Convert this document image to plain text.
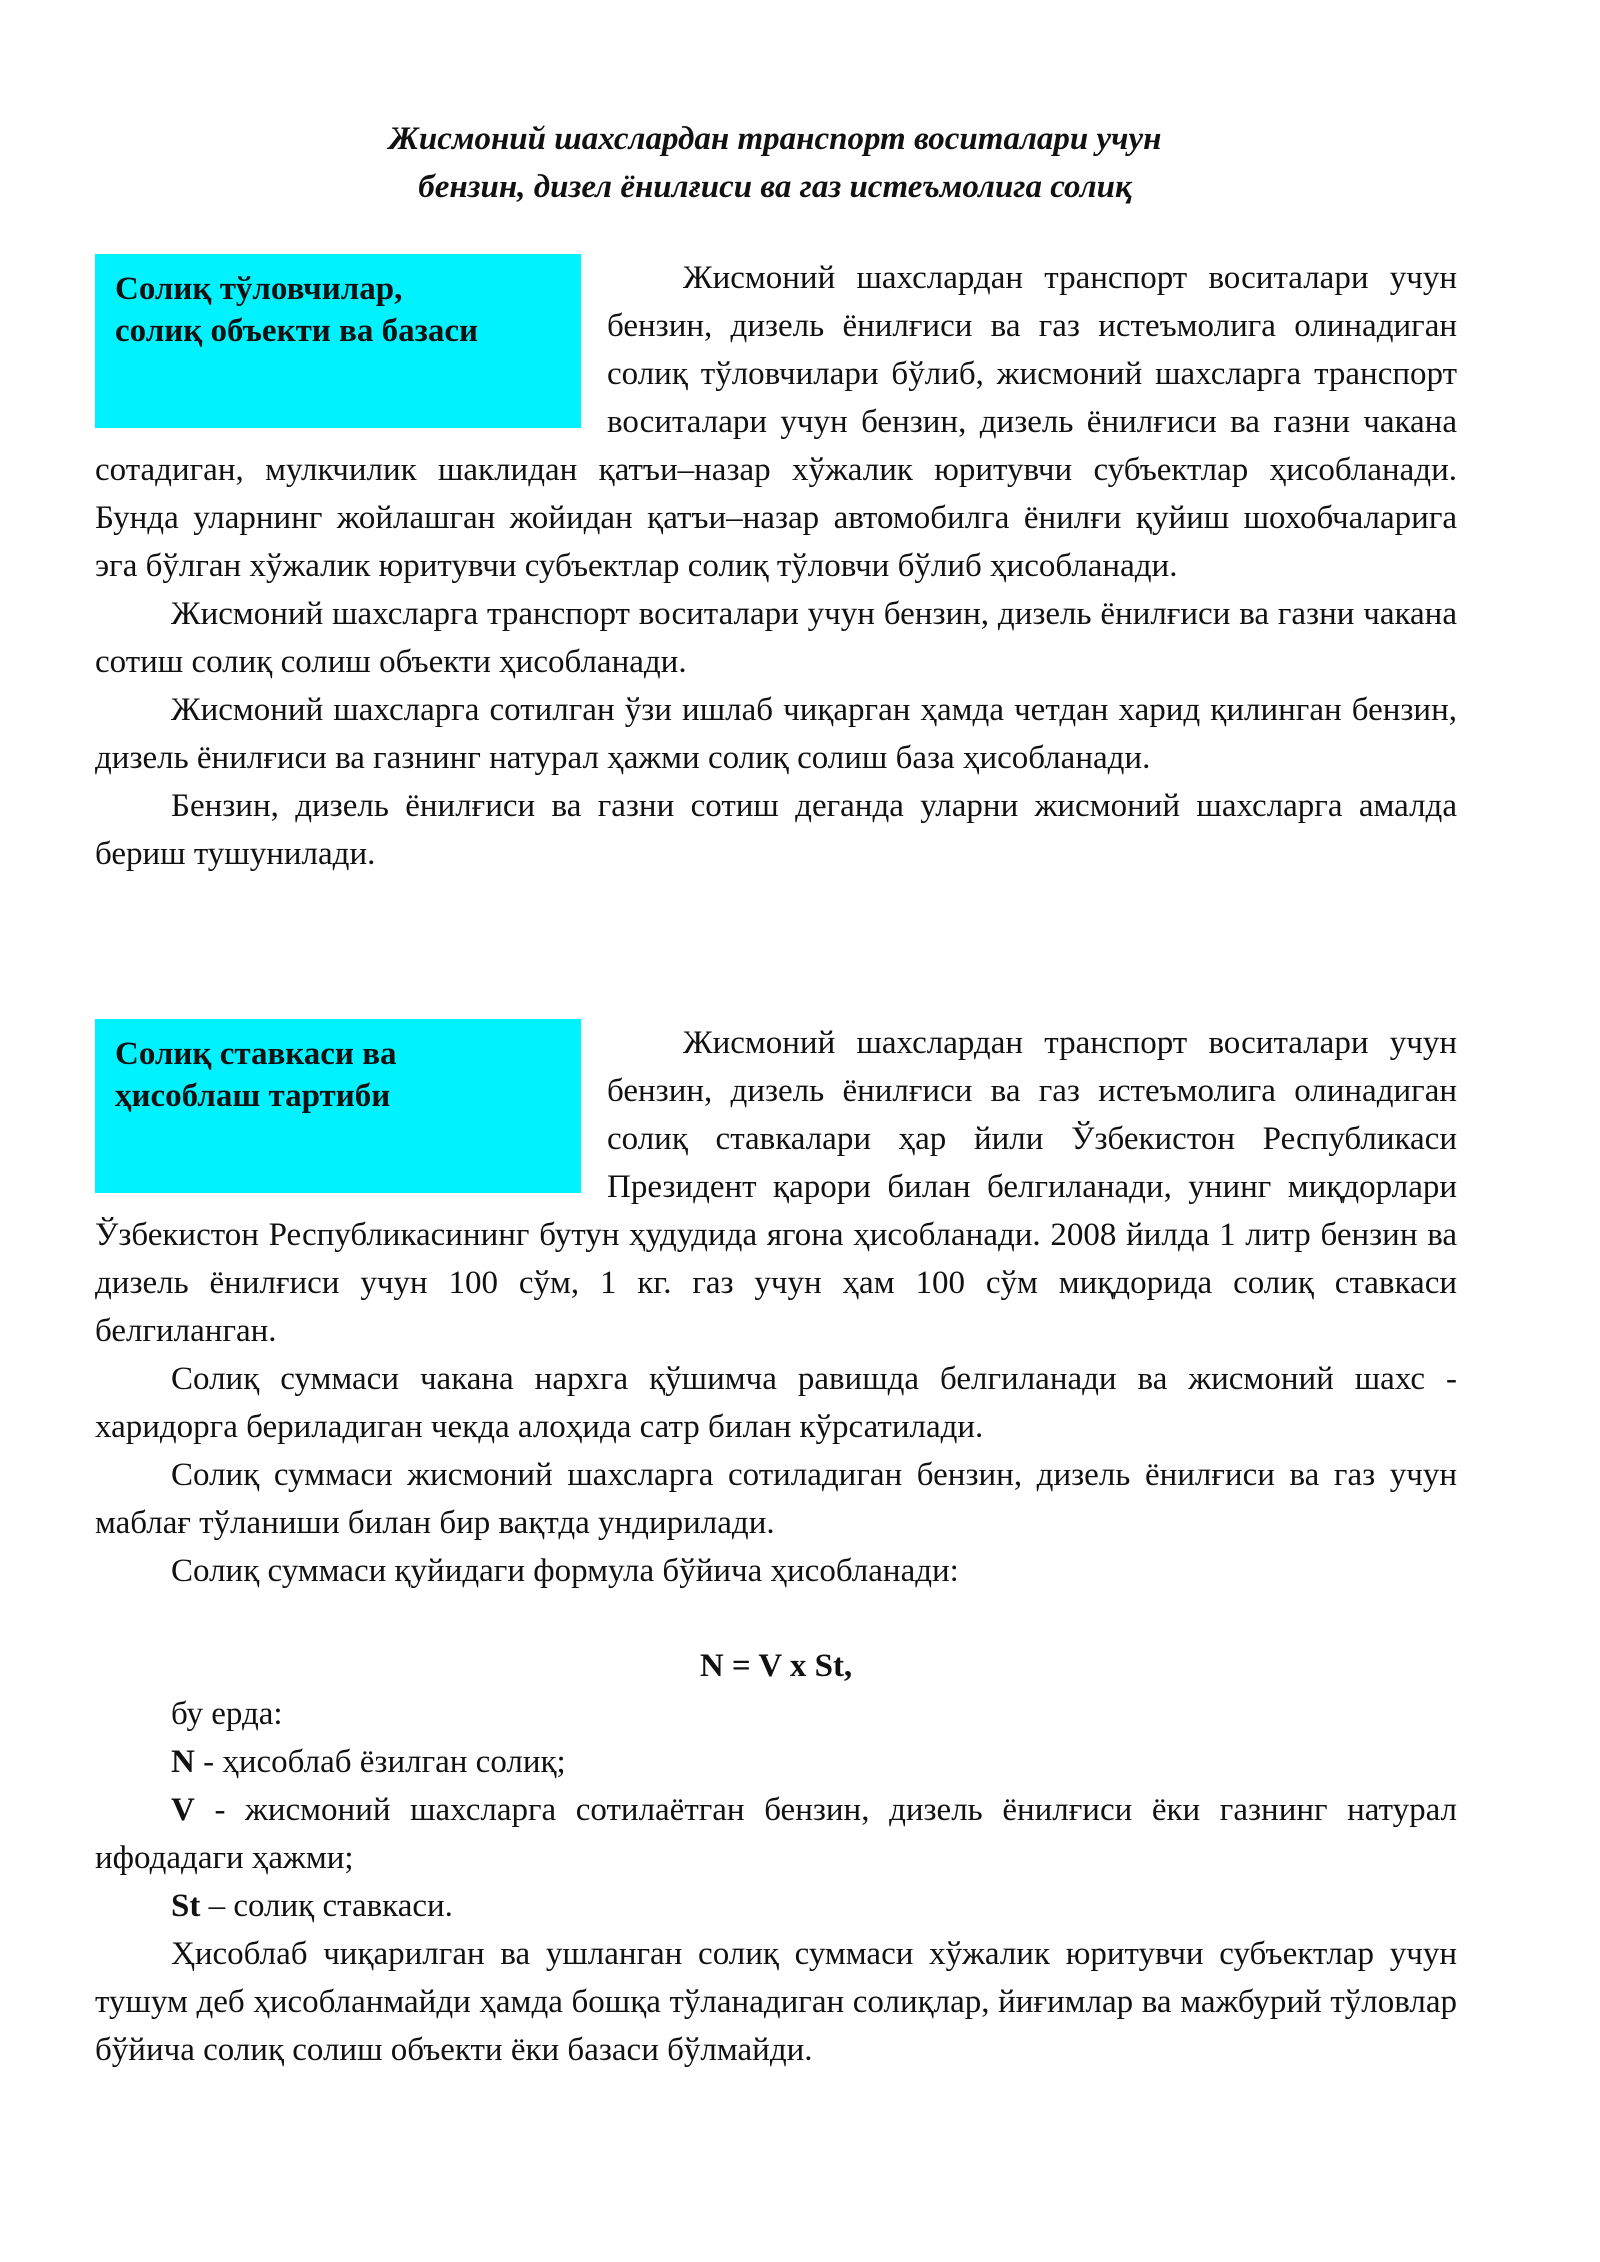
Жисмоний шахслардан транспорт воситалари учун
бензин, дизел ёнилғиси ва газ истеъмолига солиқ
Солиқ тўловчилар,
солиқ объекти ва базаси

Жисмоний шахслардан транспорт воситалари учун бензин, дизель ёнилғиси ва газ истеъмолига олинадиган солиқ тўловчилари бўлиб, жисмоний шахсларга транспорт воситалари учун бензин, дизель ёнилғиси ва газни чакана сотадиган, мулкчилик шаклидан қатъи–назар хўжалик юритувчи субъектлар ҳисобланади. Бунда уларнинг жойлашган жойидан қатъи–назар автомобилга ёнилғи қуйиш шохобчаларига эга бўлган хўжалик юритувчи субъектлар солиқ тўловчи бўлиб ҳисобланади.

Жисмоний шахсларга транспорт воситалари учун бензин, дизель ёнилғиси ва газни чакана сотиш солиқ солиш объекти ҳисобланади.

Жисмоний шахсларга сотилган ўзи ишлаб чиқарган ҳамда четдан харид қилинган бензин, дизель ёнилғиси ва газнинг натурал ҳажми солиқ солиш база ҳисобланади.

Бензин, дизель ёнилғиси ва газни сотиш деганда уларни жисмоний шахсларга амалда бериш тушунилади.

Солиқ ставкаси ва
ҳисоблаш тартиби

Жисмоний шахслардан транспорт воситалари учун бензин, дизель ёнилғиси ва газ истеъмолига олинадиган солиқ ставкалари ҳар йили Ўзбекистон Республикаси Президент қарори билан белгиланади, унинг миқдорлари Ўзбекистон Республикасининг бутун ҳудудида ягона ҳисобланади. 2008 йилда 1 литр бензин ва дизель ёнилғиси учун 100 сўм, 1 кг. газ учун ҳам 100 сўм миқдорида солиқ ставкаси белгиланган.

Солиқ суммаси чакана нархга қўшимча равишда белгиланади ва жисмоний шахс - харидорга бериладиган чекда алоҳида сатр билан кўрсатилади.

Солиқ суммаси жисмоний шахсларга сотиладиган бензин, дизель ёнилғиси ва газ учун маблағ тўланиши билан бир вақтда ундирилади.

Солиқ суммаси қуйидаги формула бўйича ҳисобланади:

N = V x St,

бу ерда:

N - ҳисоблаб ёзилган солиқ;

V - жисмоний шахсларга сотилаётган бензин, дизель ёнилғиси ёки газнинг натурал ифодадаги ҳажми;

St – солиқ ставкаси.

Ҳисоблаб чиқарилган ва ушланган солиқ суммаси хўжалик юритувчи субъектлар учун тушум деб ҳисобланмайди ҳамда бошқа тўланадиган солиқлар, йиғимлар ва мажбурий тўловлар бўйича солиқ солиш объекти ёки базаси бўлмайди.
